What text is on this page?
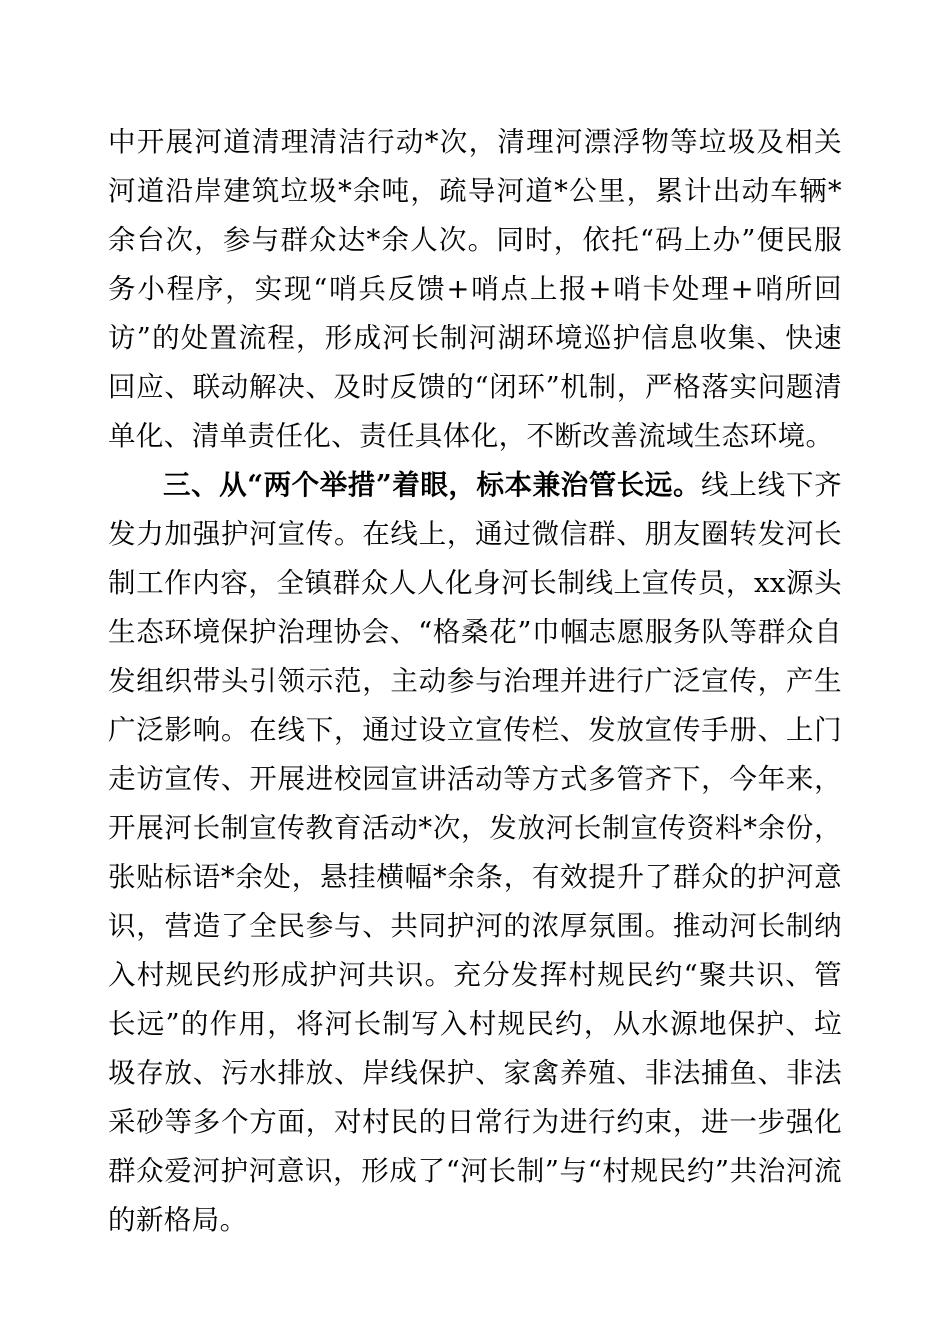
中开展河道清理清洁行动*次，清理河漂浮物等垃圾及相关河道沿岸建筑垃圾*余吨，疏导河道*公里，累计出动车辆*余台次，参与群众达*余人次。同时，依托“码上办”便民服务小程序，实现“哨兵反馈+哨点上报+哨卡处理+哨所回访”的处置流程，形成河长制河湖环境巡护信息收集、快速回应、联动解决、及时反馈的“闭环”机制，严格落实问题清单化、清单责任化、责任具体化，不断改善流域生态环境。

三、从“两个举措”着眼，标本兼治管长远。线上线下齐发力加强护河宣传。在线上，通过微信群、朋友圈转发河长制工作内容，全镇群众人人化身河长制线上宣传员，xx源头生态环境保护治理协会、“格桑花”巾帼志愿服务队等群众自发组织带头引领示范，主动参与治理并进行广泛宣传，产生广泛影响。在线下，通过设立宣传栏、发放宣传手册、上门走访宣传、开展进校园宣讲活动等方式多管齐下，今年来，开展河长制宣传教育活动*次，发放河长制宣传资料*余份，张贴标语*余处，悬挂横幅*余条，有效提升了群众的护河意识，营造了全民参与、共同护河的浓厚氛围。推动河长制纳入村规民约形成护河共识。充分发挥村规民约“聚共识、管长远”的作用，将河长制写入村规民约，从水源地保护、垃圾存放、污水排放、岸线保护、家禽养殖、非法捕鱼、非法采砂等多个方面，对村民的日常行为进行约束，进一步强化群众爱河护河意识，形成了“河长制”与“村规民约”共治河流的新格局。
